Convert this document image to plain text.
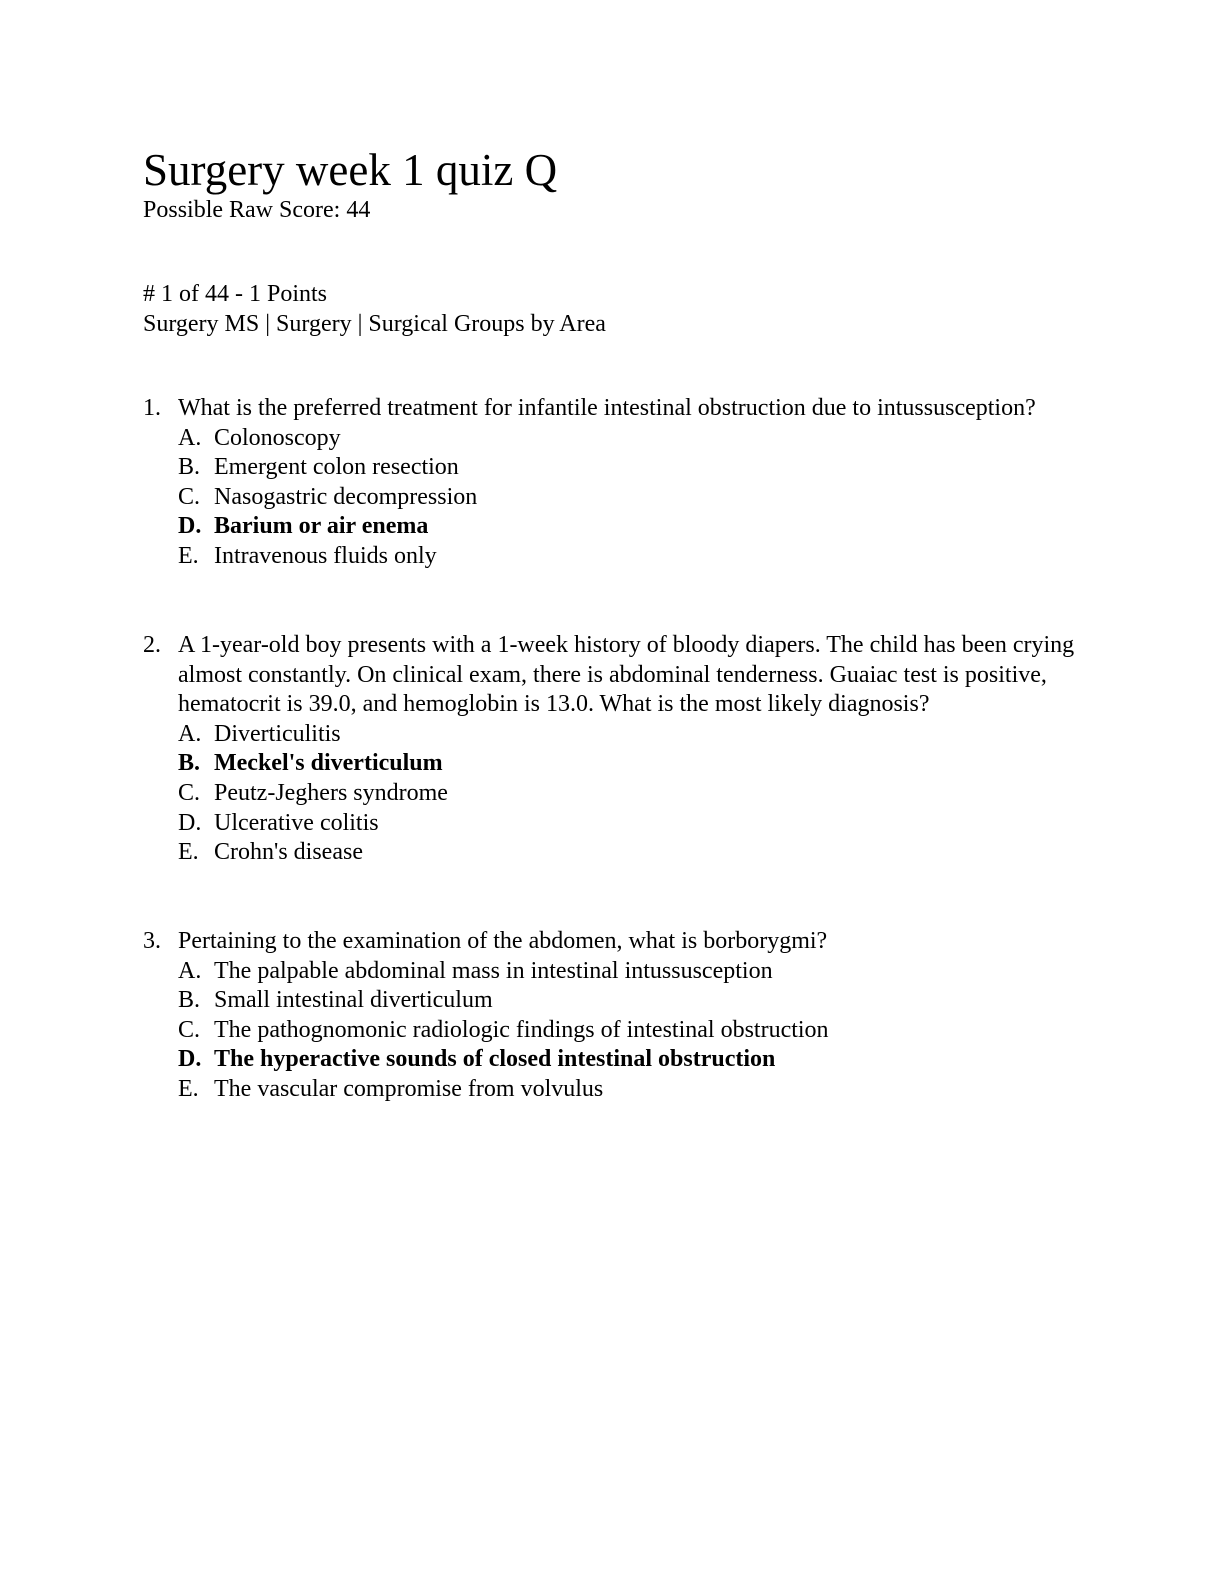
Surgery week 1 quiz Q
Possible Raw Score: 44
# 1 of 44 - 1 Points
Surgery MS | Surgery | Surgical Groups by Area
1. What is the preferred treatment for infantile intestinal obstruction due to intussusception?
A. Colonoscopy
B. Emergent colon resection
C. Nasogastric decompression
D. Barium or air enema
E. Intravenous fluids only
2. A 1-year-old boy presents with a 1-week history of bloody diapers. The child has been crying almost constantly. On clinical exam, there is abdominal tenderness. Guaiac test is positive, hematocrit is 39.0, and hemoglobin is 13.0. What is the most likely diagnosis?
A. Diverticulitis
B. Meckel's diverticulum
C. Peutz-Jeghers syndrome
D. Ulcerative colitis
E. Crohn's disease
3. Pertaining to the examination of the abdomen, what is borborygmi?
A. The palpable abdominal mass in intestinal intussusception
B. Small intestinal diverticulum
C. The pathognomonic radiologic findings of intestinal obstruction
D. The hyperactive sounds of closed intestinal obstruction
E. The vascular compromise from volvulus
